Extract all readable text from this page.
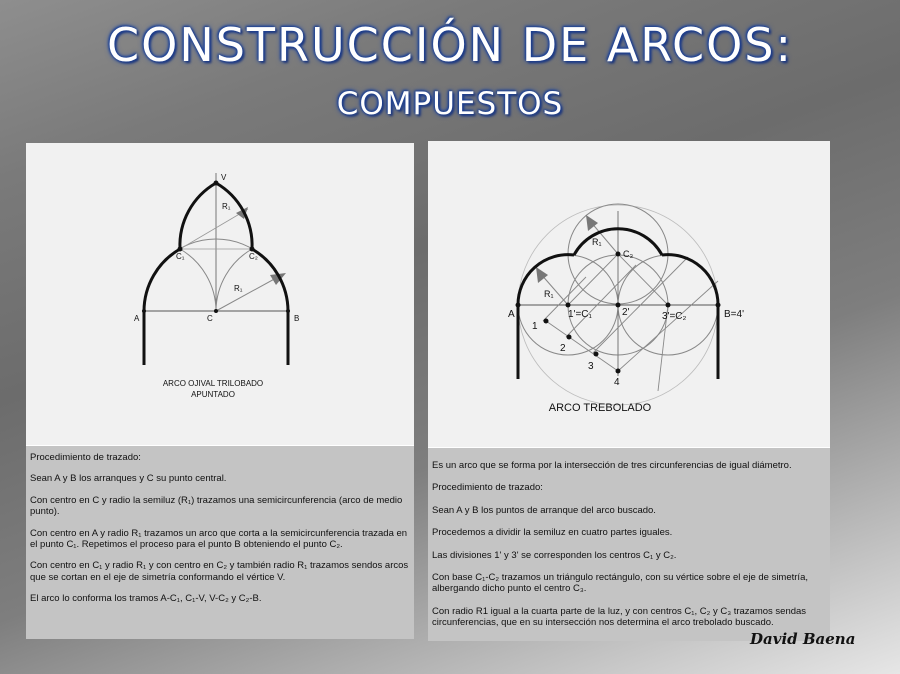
CONSTRUCCIÓN DE ARCOS:
COMPUESTOS
V
R₁
C₁	C₂
R₁
A	C	B
ARCO OJIVAL TRILOBADO
APUNTADO

Procedimiento de trazado:

Sean A y B los arranques y C su punto central.

Con centro en C y radio la semiluz (R₁) trazamos una semicircunferencia (arco de medio punto).

Con centro en A y radio R₁ trazamos un arco que corta a la semicircunferencia trazada en el punto C₁. Repetimos el proceso para el punto B obteniendo el punto C₂.

Con centro en C₁ y radio R₁ y con centro en C₂ y también radio R₁ trazamos sendos arcos que se cortan en el eje de simetría conformando el vértice V.

El arco lo conforma los tramos A-C₁, C₁-V, V-C₂ y C₂-B.

R₁
C₃
R₁
A	1'=C₁	2'	3'=C₂	B=4'
1
2
3
4
ARCO TREBOLADO

Es un arco que se forma por la intersección de tres circunferencias de igual diámetro.

Procedimiento de trazado:

Sean A y B los puntos de arranque del arco buscado.

Procedemos a dividir la semiluz en cuatro partes iguales.

Las divisiones 1' y 3' se corresponden los centros C₁ y C₂.

Con base C₁-C₂ trazamos un triángulo rectángulo, con su vértice sobre el eje de simetría, albergando dicho punto el centro C₃.

Con radio R1 igual a la cuarta parte de la luz, y con centros C₁, C₂ y C₃ trazamos sendas circunferencias, que en su intersección nos determina el arco trebolado buscado.

David Baena
